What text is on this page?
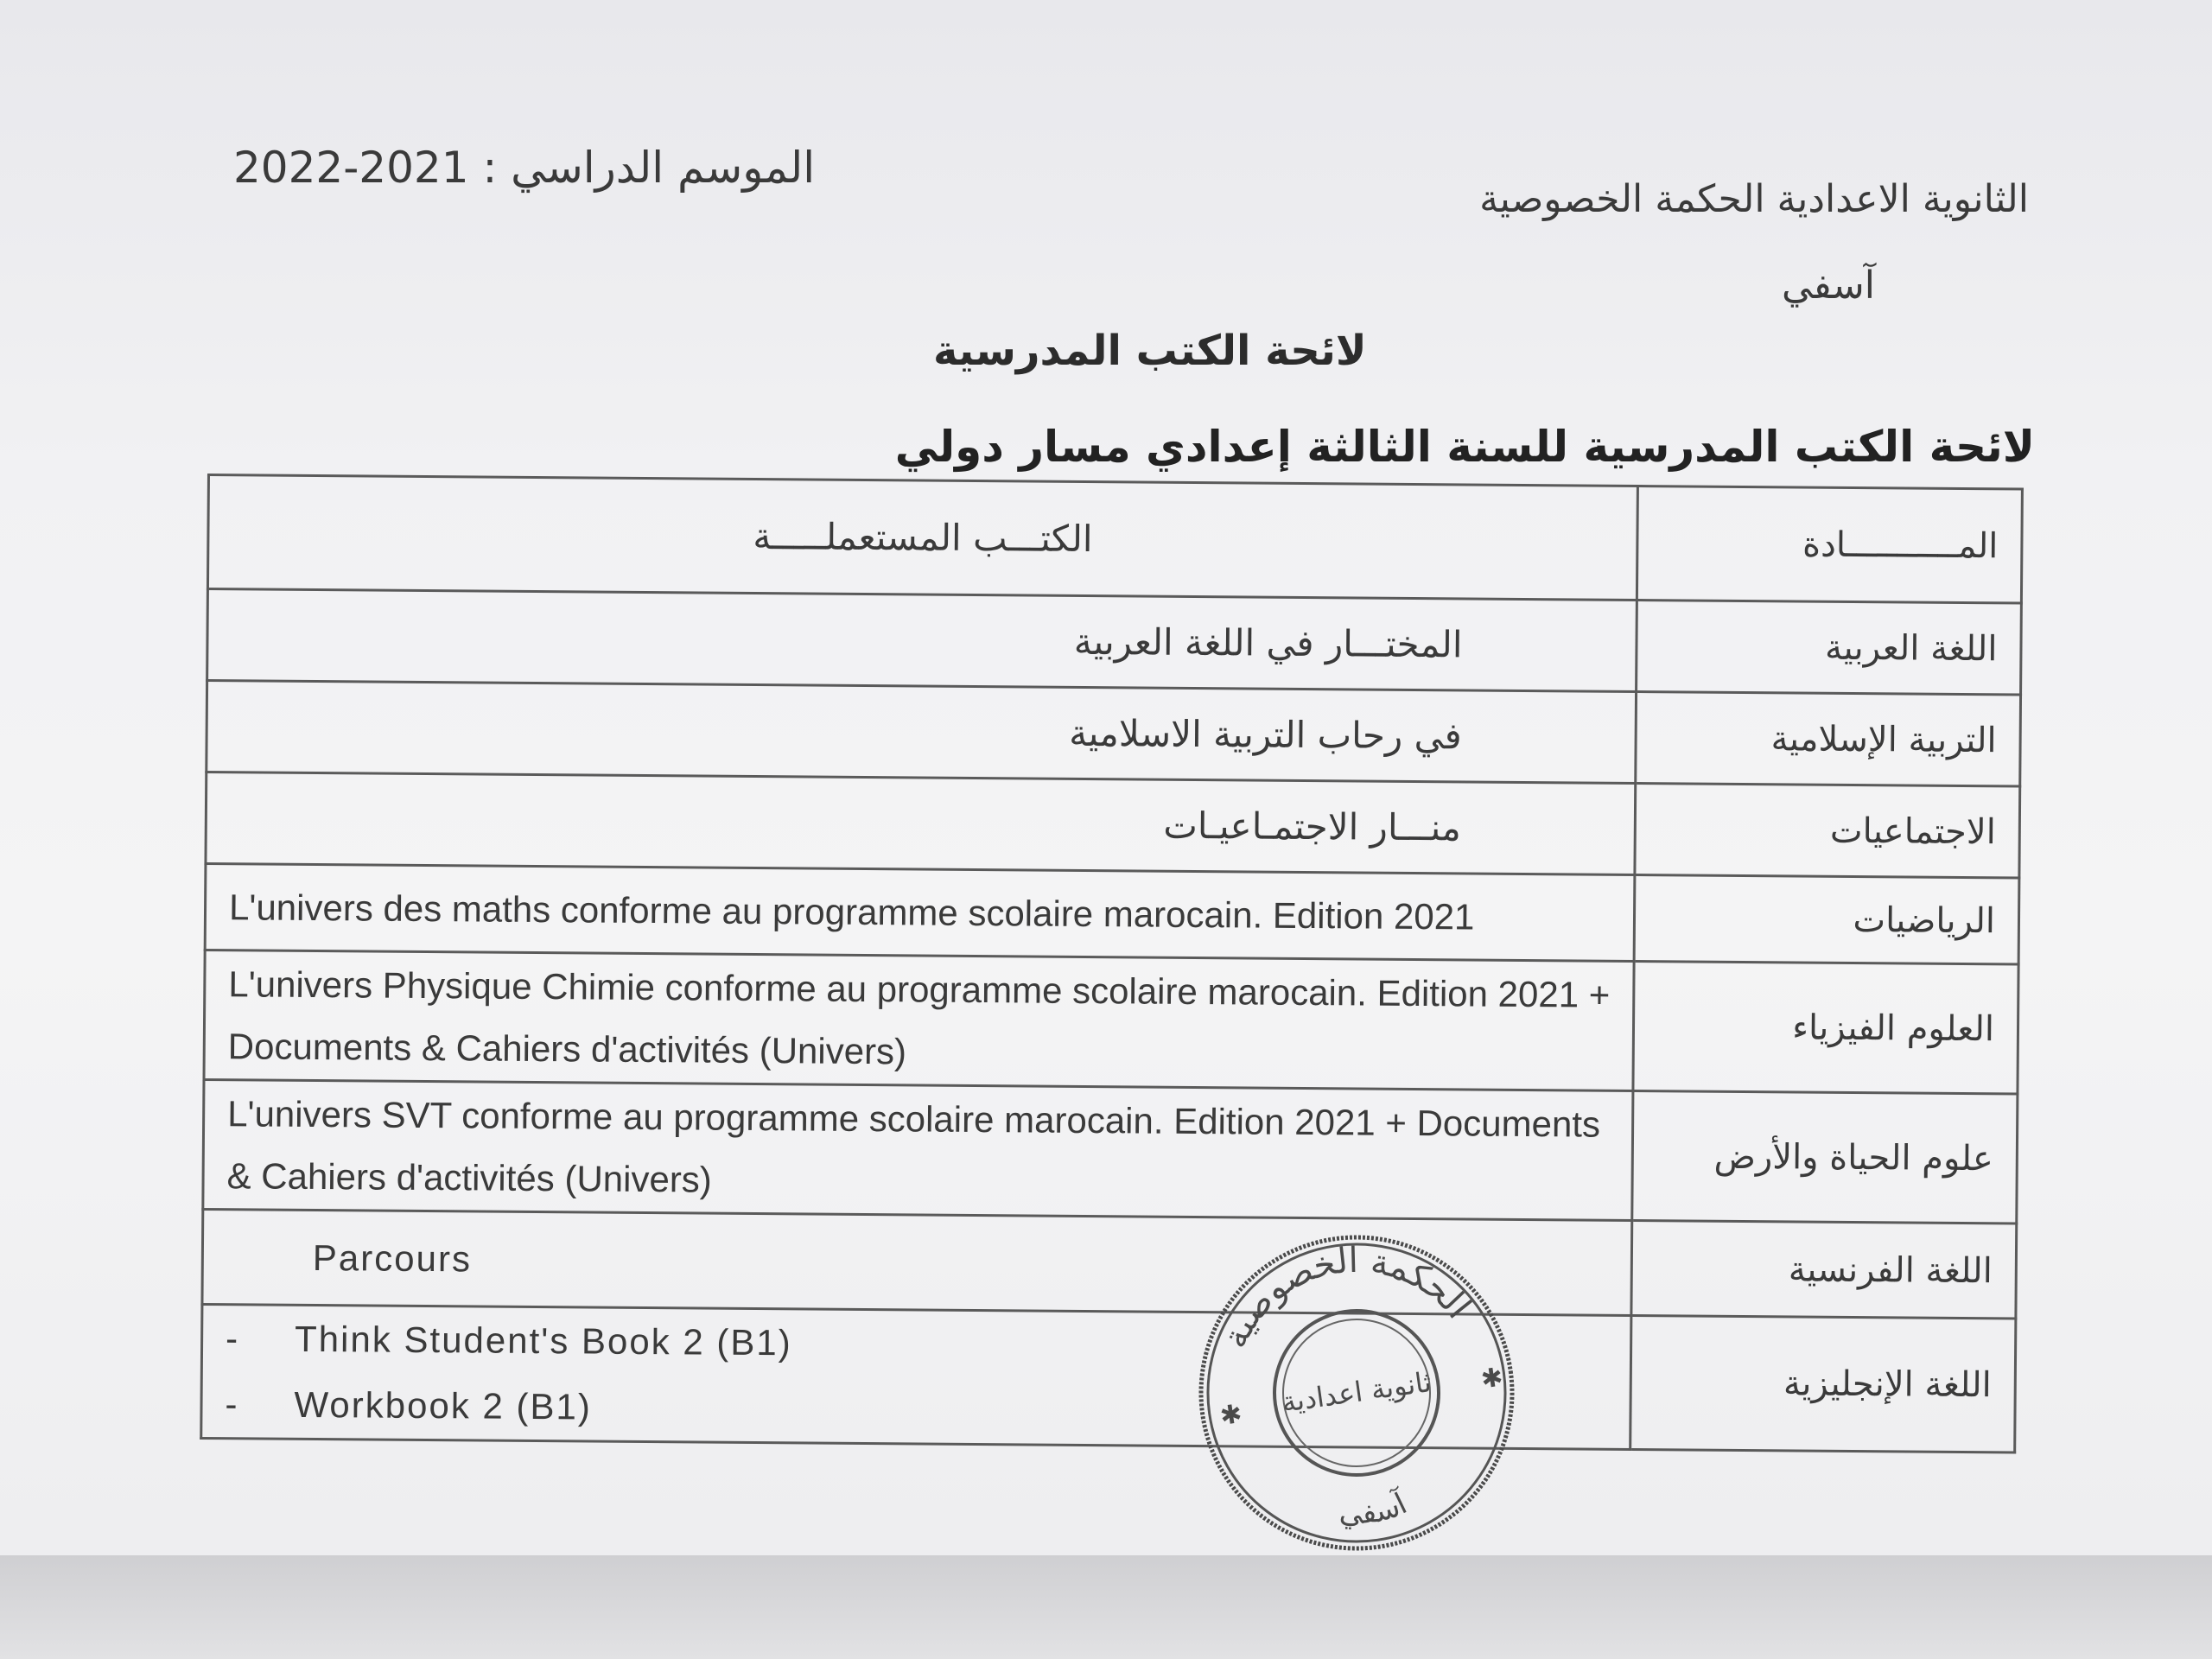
الموسم الدراسي : 2021-2022
الثانوية الاعدادية الحكمة الخصوصية
آسفي
لائحة الكتب المدرسية
لائحة الكتب المدرسية للسنة الثالثة إعدادي مسار دولي
الكتـــب المستعملـــــة	المـــــــــــادة
المختـــار في اللغة العربية	اللغة العربية
في رحاب التربية الاسلامية	التربية الإسلامية
منـــار الاجتمـاعيـات	الاجتماعيات
L'univers des maths conforme au programme scolaire marocain. Edition 2021	الرياضيات

L'univers Physique Chimie conforme au programme scolaire marocain. Edition 2021 +
Documents & Cahiers d'activités (Univers)	العلوم الفيزياء

L'univers SVT conforme au programme scolaire marocain. Edition 2021 + Documents
& Cahiers d'activités (Univers)	علوم الحياة والأرض
Parcours	اللغة الفرنسية

- Think Student's Book 2 (B1)
- Workbook 2 (B1)	اللغة الإنجليزية
الحكمة الخصوصية
ثانوية اعدادية
آسفي
✱
✱
